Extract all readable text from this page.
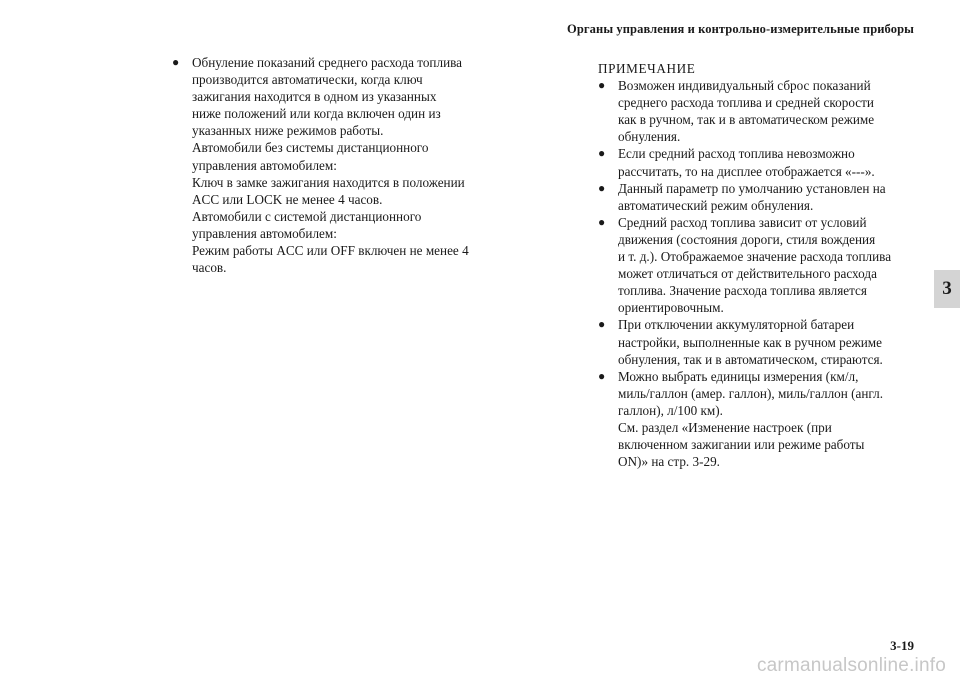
Органы управления и контрольно-измерительные приборы
3
● Обнуление показаний среднего расхода топлива
производится автоматически, когда ключ
зажигания находится в одном из указанных
ниже положений или когда включен один из
указанных ниже режимов работы.
Автомобили без системы дистанционного
управления автомобилем:
Ключ в замке зажигания находится в положении
ACC или LOCK не менее 4 часов.
Автомобили с системой дистанционного
управления автомобилем:
Режим работы ACC или OFF включен не менее 4
часов.
ПРИМЕЧАНИЕ
● Возможен индивидуальный сброс показаний
среднего расхода топлива и средней скорости
как в ручном, так и в автоматическом режиме
обнуления.
● Если средний расход топлива невозможно
рассчитать, то на дисплее отображается «---».
● Данный параметр по умолчанию установлен на
автоматический режим обнуления.
● Средний расход топлива зависит от условий
движения (состояния дороги, стиля вождения
и т. д.). Отображаемое значение расхода топлива
может отличаться от действительного расхода
топлива. Значение расхода топлива является
ориентировочным.
● При отключении аккумуляторной батареи
настройки, выполненные как в ручном режиме
обнуления, так и в автоматическом, стираются.
● Можно выбрать единицы измерения (км/л,
миль/галлон (амер. галлон), миль/галлон (англ.
галлон), л/100 км).
См. раздел «Изменение настроек (при
включенном зажигании или режиме работы
ON)» на стр. 3-29.
3-19
carmanualsonline.info
